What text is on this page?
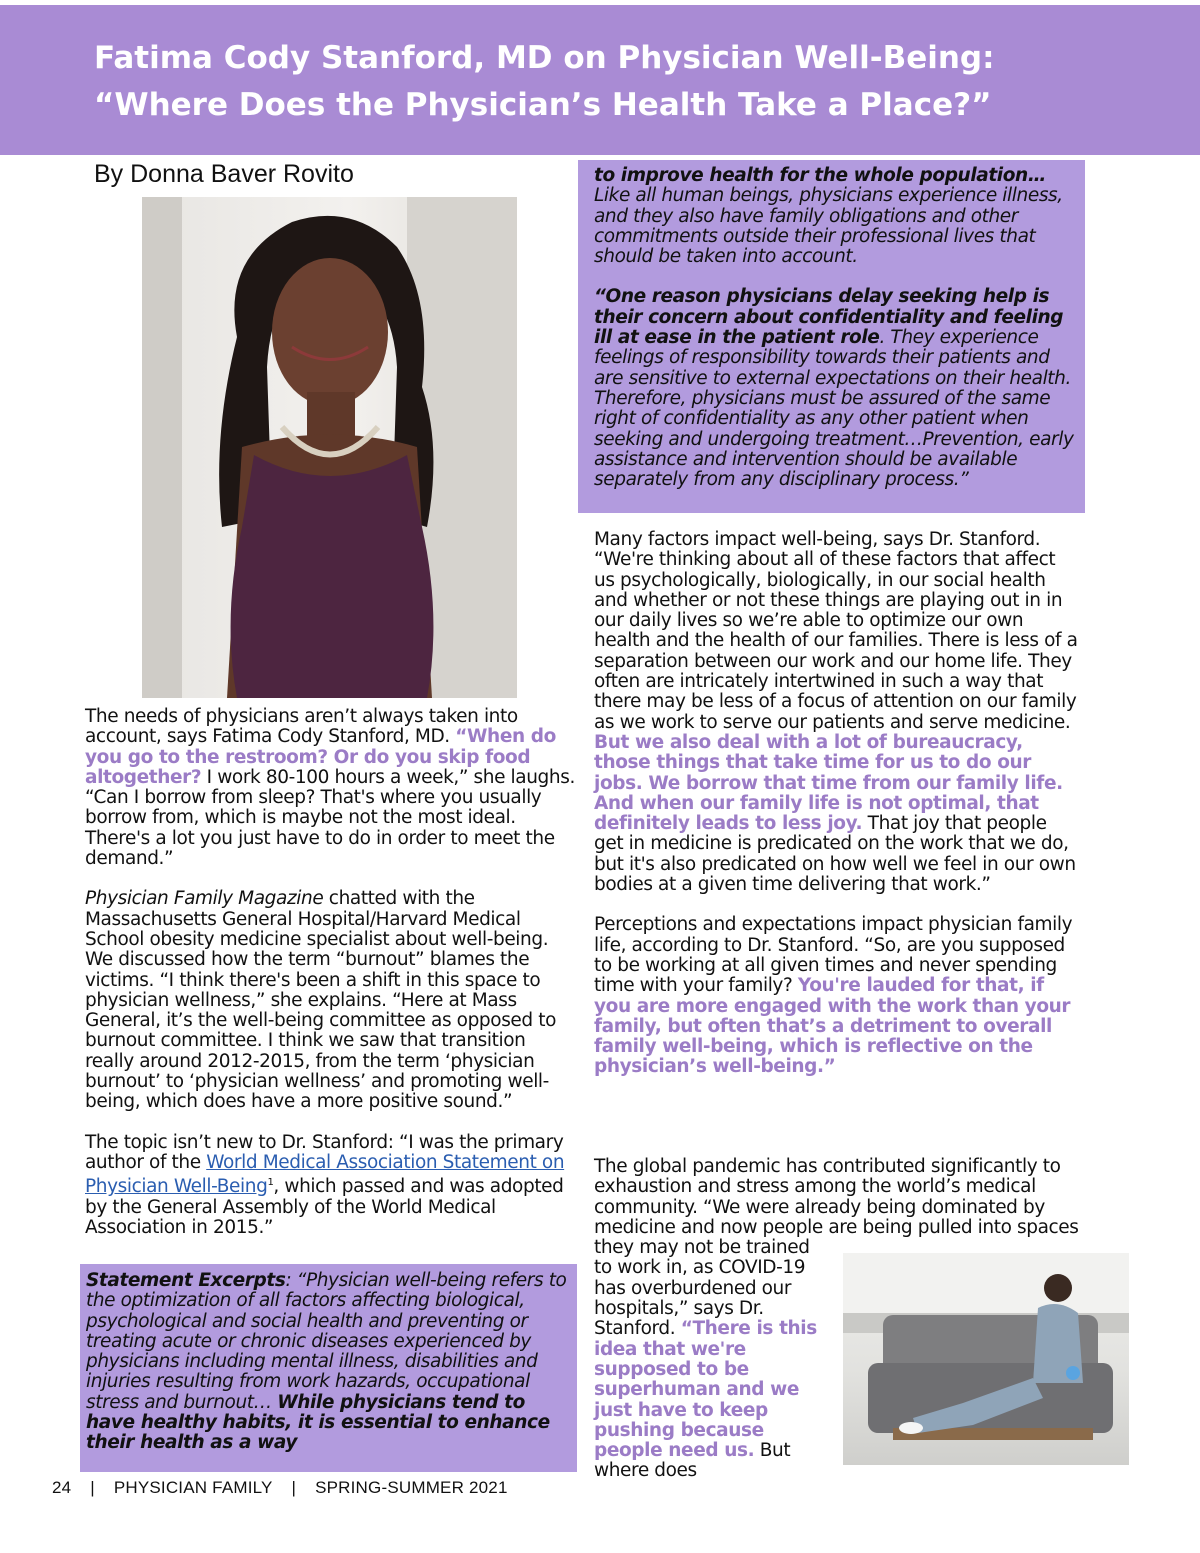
Fatima Cody Stanford, MD on Physician Well-Being:
“Where Does the Physician’s Health Take a Place?”
By Donna Baver Rovito

The needs of physicians aren’t always taken into account, says Fatima Cody Stanford, MD. “When do you go to the restroom? Or do you skip food altogether? I work 80-100 hours a week,” she laughs. “Can I borrow from sleep? That's where you usually borrow from, which is maybe not the most ideal. There's a lot you just have to do in order to meet the demand.”

Physician Family Magazine chatted with the Massachusetts General Hospital/Harvard Medical School obesity medicine specialist about well-being. We discussed how the term “burnout” blames the victims. “I think there's been a shift in this space to physician wellness,” she explains. “Here at Mass General, it’s the well-being committee as opposed to burnout committee. I think we saw that transition really around 2012-2015, from the term ‘physician burnout’ to ‘physician wellness’ and promoting well-being, which does have a more positive sound.”

The topic isn’t new to Dr. Stanford: “I was the primary author of the World Medical Association Statement on Physician Well-Being$^1$, which passed and was adopted by the General Assembly of the World Medical Association in 2015.”

Statement Excerpts: “Physician well-being refers to the optimization of all factors affecting biological, psychological and social health and preventing or treating acute or chronic diseases experienced by physicians including mental illness, disabilities and injuries resulting from work hazards, occupational stress and burnout… While physicians tend to have healthy habits, it is essential to enhance their health as a way

to improve health for the whole population… Like all human beings, physicians experience illness, and they also have family obligations and other commitments outside their professional lives that should be taken into account.

“One reason physicians delay seeking help is their concern about confidentiality and feeling ill at ease in the patient role. They experience feelings of responsibility towards their patients and are sensitive to external expectations on their health. Therefore, physicians must be assured of the same right of confidentiality as any other patient when seeking and undergoing treatment…Prevention, early assistance and intervention should be available separately from any disciplinary process.”

Many factors impact well-being, says Dr. Stanford. “We're thinking about all of these factors that affect us psychologically, biologically, in our social health and whether or not these things are playing out in in our daily lives so we’re able to optimize our own health and the health of our families. There is less of a separation between our work and our home life. They often are intricately intertwined in such a way that there may be less of a focus of attention on our family as we work to serve our patients and serve medicine. But we also deal with a lot of bureaucracy, those things that take time for us to do our jobs. We borrow that time from our family life. And when our family life is not optimal, that definitely leads to less joy. That joy that people get in medicine is predicated on the work that we do, but it's also predicated on how well we feel in our own bodies at a given time delivering that work.”

Perceptions and expectations impact physician family life, according to Dr. Stanford. “So, are you supposed to be working at all given times and never spending time with your family? You're lauded for that, if you are more engaged with the work than your family, but often that’s a detriment to overall family well-being, which is reflective on the physician’s well-being.”

The global pandemic has contributed significantly to exhaustion and stress among the world’s medical community. “We were already being dominated by medicine and now people are being pulled into spaces they may not be trained to work in, as COVID-19 has overburdened our hospitals,” says Dr. Stanford. “There is this idea that we're supposed to be superhuman and we just have to keep pushing because people need us. But where does
24 | PHYSICIAN FAMILY | SPRING-SUMMER 2021
